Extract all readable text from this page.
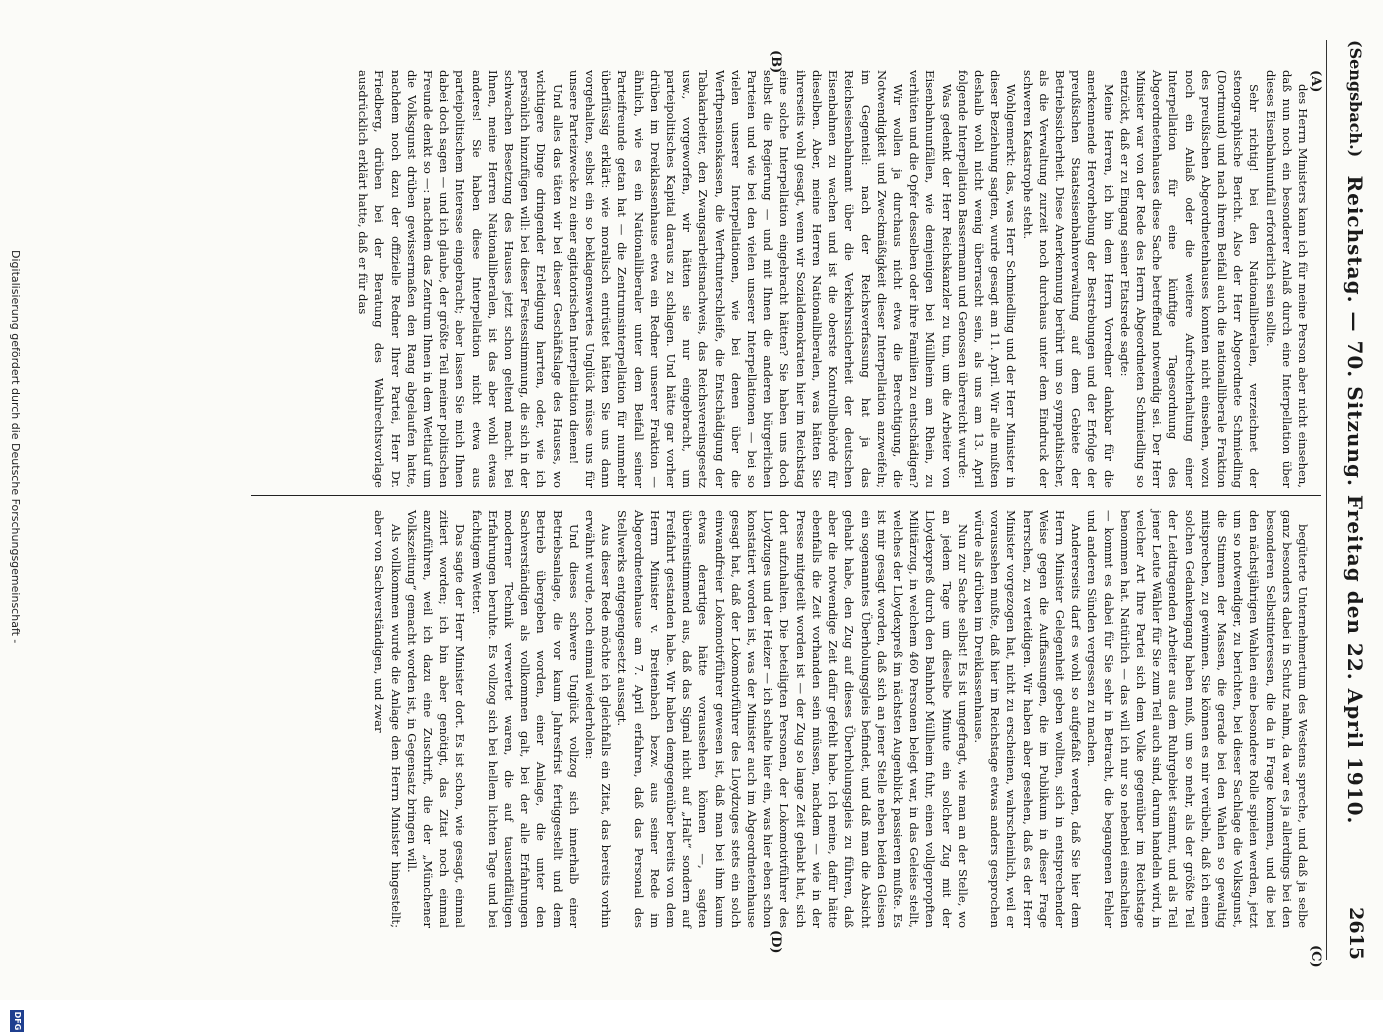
(Sengsbach.)
Reichstag. — 70. Sitzung. Freitag den 22. April 1910.
2615
(A)
(B)
(C)
(D)

des Herrn Ministers kann ich für meine Person aber nicht einsehen, daß nun noch ein besonderer Anlaß durch eine Interpellation über dieses Eisenbahnunfall erforderlich sein sollte.

Sehr richtig! bei den Nationalliberalen, verzeichnet der stenographische Bericht. Also der Herr Abgeordnete Schmiedling (Dortmund) und nach ihrem Beifall auch die nationalliberale Fraktion des preußischen Abgeordnetenhauses konnten nicht einsehen, wozu noch ein Anlaß oder die weitere Aufrechterhaltung einer Interpellation für eine künftige Tagesordnung des Abgeordnetenhauses diese Sache betreffend notwendig sei. Der Herr Minister war von der Rede des Herrn Abgeordneten Schmiedling so entzückt, daß er zu Eingang seiner Etatsrede sagte:

Meine Herren, ich bin dem Herrn Vorredner dankbar für die anerkennende Hervorhebung der Bestrebungen und der Erfolge der preußischen Staatseisenbahnverwaltung auf dem Gebiete der Betriebssicherheit. Diese Anerkennung berührt um so sympathischer, als die Verwaltung zurzeit noch durchaus unter dem Eindruck der schweren Katastrophe steht.

Wohlgemerkt: das, was Herr Schmiedling und der Herr Minister in dieser Beziehung sagten, wurde gesagt am 11. April. Wir alle mußten deshalb wohl nicht wenig überrascht sein, als uns am 13. April folgende Interpellation Bassermann und Genossen überreicht wurde:

Was gedenkt der Herr Reichskanzler zu tun, um die Arbeiter von Eisenbahnunfällen, wie demjenigen bei Müllheim am Rhein, zu verhüten und die Opfer desselben oder ihre Familien zu entschädigen?

Wir wollen ja durchaus nicht etwa die Berechtigung, die Notwendigkeit und Zweckmäßigkeit dieser Interpellation anzweifeln; im Gegenteil: nach der Reichsverfassung hat ja das Reichseisenbahnamt über die Verkehrssicherheit der deutschen Eisenbahnen zu wachen und ist die oberste Kontrollbehörde für dieselben. Aber, meine Herren Nationalliberalen, was hätten Sie ihrerseits wohl gesagt, wenn wir Sozialdemokraten hier im Reichstag eine solche Interpellation eingebracht hätten? Sie haben uns doch selbst die Regierung — und mit Ihnen die anderen bürgerlichen Parteien und wie bei den vielen unserer Interpellationen — bei so vielen unserer Interpellationen, wie bei denen über die Werftpensionskassen, die Werftunterschleife, die Entschädigung der Tabakarbeiter, den Zwangsarbeitsnachweis, das Reichsvereinsgesetz usw., vorgeworfen, wir hätten sie nur eingebracht, um parteipolitisches Kapital daraus zu schlagen. Und hätte gar vorher drüben im Dreiklassenhause etwa ein Redner unserer Fraktion — ähnlich, wie es ein Nationalliberaler unter dem Beifall seiner Parteifreunde getan hat — die Zentrumsinterpellation für nunmehr überflüssig erklärt: wie moralisch entrüstet hätten Sie uns dann vorgehalten, selbst ein so beklagenswertes Unglück müsse uns für unsere Parteizwecke zu einer agitatorischen Interpellation dienen!

Und alles das täten wir bei dieser Geschäftslage des Hauses, wo wichtigere Dinge dringender Erledigung harrten, oder, wie ich persönlich hinzufügen will: bei dieser Festesstimmung, die sich in der schwachen Besetzung des Hauses jetzt schon geltend macht. Bei Ihnen, meine Herren Nationalliberalen, ist das aber wohl etwas anderes! Sie haben diese Interpellation nicht etwa aus parteipolitischem Interesse eingebracht; aber lassen Sie mich Ihnen dabei doch sagen — und ich glaube, der größte Teil meiner politischen Freunde denkt so —: nachdem das Zentrum Ihnen in dem Wettlauf um die Volksgunst drüben gewissermaßen den Rang abgelaufen hatte, nachdem noch dazu der offizielle Redner Ihrer Partei, Herr Dr. Friedberg, drüben bei der Beratung des Wahlrechtsvorlage ausdrücklich erklärt hatte, daß er für das

begüterte Unternehmertum des Westens spreche, und daß ja selbe ganz besonders dabei in Schutz nahm, da war es ja allerdings bei den besonderen Selbstinteressen, die da in Frage kommen, und die bei den nächstjährigen Wahlen eine besondere Rolle spielen werden, jetzt um so notwendiger, zu berichten, bei dieser Sachlage die Volksgunst, die Stimmen der Massen, die gerade bei den Wahlen so gewaltig mitsprechen, zu gewinnen. Sie können es mir verübeln, daß ich einen solchen Gedankengang haben muß, um so mehr, als der größte Teil der Leidtragenden Arbeiter aus dem Ruhrgebiet stammt, und als Teil jener Leute Wähler für Sie zum Teil auch sind, darum handeln wird, in welcher Art Ihre Partei sich dem Volke gegenüber im Reichstage benommen hat. Natürlich — das will ich nur so nebenbei einschalten — kommt es dabei für Sie sehr in Betracht, die begangenen Fehler und anderen Sünden vergessen zu machen.

Andererseits darf es wohl so aufgefaßt werden, daß Sie hier dem Herrn Minister Gelegenheit geben wollten, sich in entsprechender Weise gegen die Auffassungen, die im Publikum in dieser Frage herrschen, zu verteidigen. Wir haben aber gesehen, daß es der Herr Minister vorgezogen hat, nicht zu erscheinen, wahrscheinlich, weil er voraussehen mußte, daß hier im Reichstage etwas anders gesprochen würde als drüben im Dreiklassenhause.

Nun zur Sache selbst! Es ist umgefragt, wie man an der Stelle, wo an jedem Tage um dieselbe Minute ein solcher Zug mit der Lloydexpreß durch den Bahnhof Müllheim fuhr, einen vollgepropften Militärzug, in welchem 460 Personen belegt war, in das Geleise stellt, welches der Lloydexpreß im nächsten Augenblick passieren mußte. Es ist mir gesagt worden, daß sich an jener Stelle neben beiden Gleisen ein sogenanntes Überholungsgleis befindet, und daß man die Absicht gehabt habe, den Zug auf dieses Überholungsgleis zu führen, daß aber die notwendige Zeit dafür gefehlt habe. Ich meine, dafür hätte ebenfalls die Zeit vorhanden sein müssen, nachdem — wie in der Presse mitgeteilt worden ist — der Zug so lange Zeit gehabt hat, sich dort aufzuhalten. Die beteiligten Personen, der Lokomotivführer des Lloydzuges und der Heizer — ich schalte hier ein, was hier eben schon konstatiert worden ist, was der Minister auch im Abgeordnetenhause gesagt hat, daß der Lokomotivführer des Lloydzuges stets ein solch einwandfreier Lokomotivführer gewesen ist, daß man bei ihm kaum etwas derartiges hätte voraussehen können —, sagten übereinstimmend aus, daß das Signal nicht auf „Halt“ sondern auf Freifahrt gestanden habe. Wir haben demgegenüber bereits von dem Herrn Minister v. Breitenbach bezw. aus seiner Rede im Abgeordnetenhause am 7. April erfahren, daß das Personal des Stellwerks entgegengesetzt aussagt.

Aus dieser Rede möchte ich gleichfalls ein Zitat, das bereits vorhin erwähnt wurde, noch einmal wiederholen:

Und dieses schwere Unglück vollzog sich innerhalb einer Betriebsanlage, die vor kaum Jahresfrist fertiggestellt und dem Betrieb übergeben worden, einer Anlage, die unter den Sachverständigen als vollkommen galt, bei der alle Erfahrungen moderner Technik verwertet waren, die auf tausendfältigen Erfahrungen beruhte. Es vollzog sich bei hellem lichten Tage und bei fachtigem Wetter.

Das sagte der Herr Minister dort. Es ist schon, wie gesagt, einmal zitiert worden; ich bin aber genötigt, das Zitat noch einmal anzuführen, weil ich dazu eine Zuschrift, die der „Münchener Volkszeitung“ gemacht worden ist, in Gegensatz bringen will.

Als vollkommen wurde die Anlage dem Herrn Minister hingestellt; aber von Sachverständigen, und zwar

Digitalisierung gefördert durch die Deutsche Forschungsgemeinschaft -
DFG
